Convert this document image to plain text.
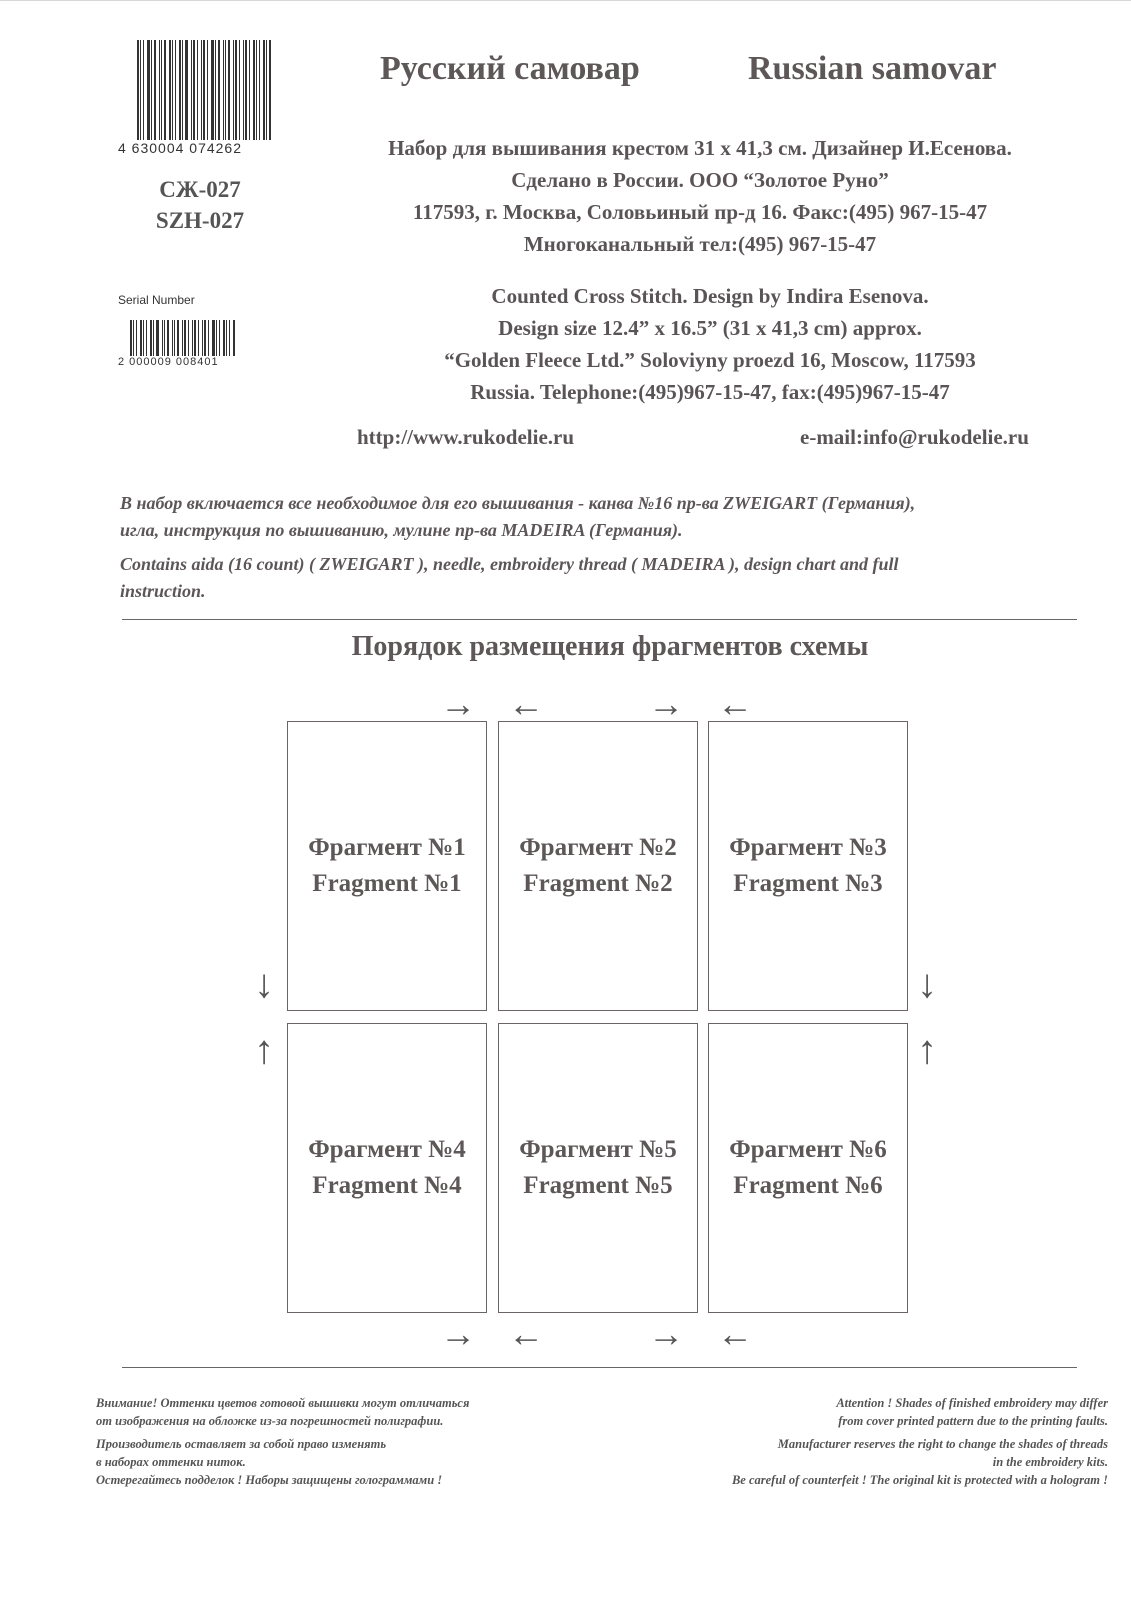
4 630004 074262
СЖ-027
SZH-027
Serial Number
2 000009 008401
Русский самовар	Russian samovar
Набор для вышивания крестом 31 х 41,3 см. Дизайнер И.Есенова.
Сделано в России. ООО “Золотое Руно”
117593, г. Москва, Соловьиный пр-д 16. Факс:(495) 967-15-47
Многоканальный тел:(495) 967-15-47
Counted Cross Stitch. Design by Indira Esenova.
Design size 12.4” x 16.5” (31 x 41,3 cm) approx.
“Golden Fleece Ltd.” Soloviyny proezd 16, Moscow, 117593
Russia. Telephone:(495)967-15-47, fax:(495)967-15-47
http://www.rukodelie.ru	e-mail:info@rukodelie.ru
В набор включается все необходимое для его вышивания - канва №16 пр-ва ZWEIGART (Германия),
игла, инструкция по вышиванию, мулине пр-ва MADEIRA (Германия).
Contains aida (16 count) ( ZWEIGART ), needle, embroidery thread ( MADEIRA ), design chart and full
instruction.
Порядок размещения фрагментов схемы
→ ←	→ ←
Фрагмент №1
Fragment №1
Фрагмент №2
Fragment №2
Фрагмент №3
Fragment №3
Фрагмент №4
Fragment №4
Фрагмент №5
Fragment №5
Фрагмент №6
Fragment №6
↓
↑
↓
↑
→ ←	→ ←
Внимание! Оттенки цветов готовой вышивки могут отличаться
от изображения на обложке из-за погрешностей полиграфии.
Производитель оставляет за собой право изменять
в наборах оттенки ниток.
Остерегайтесь подделок ! Наборы защищены голограммами !
Attention ! Shades of finished embroidery may differ
from cover printed pattern due to the printing faults.
Manufacturer reserves the right to change the shades of threads
in the embroidery kits.
Be careful of counterfeit ! The original kit is protected with a hologram !
